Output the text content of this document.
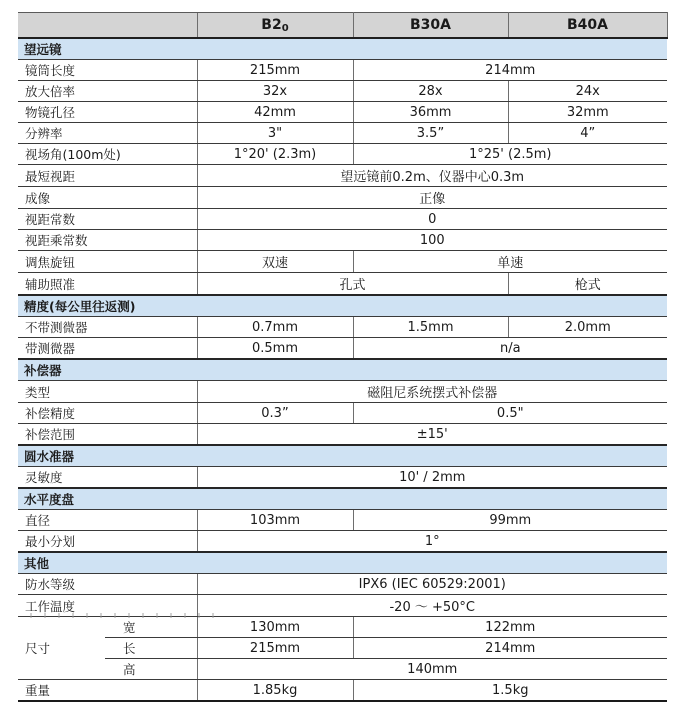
		$B2_0$	B30A	B40A
望远镜				
镜筒长度		215mm	214mm	
放大倍率		32x	28x	24x
物镜孔径		42mm	36mm	32mm
分辨率		3"	3.5”	4”
视场角(100m处)		1°20' (2.3m)	1°25' (2.5m)	
最短视距		望远镜前0.2m、仪器中心0.3m		
成像		正像		
视距常数		0		
视距乘常数		100		
调焦旋钮		双速	单速	
辅助照准		孔式		枪式
精度(每公里往返测)				
不带测微器		0.7mm	1.5mm	2.0mm
带测微器		0.5mm	n/a	
补偿器				
类型		磁阻尼系统摆式补偿器		
补偿精度		0.3”	0.5"	
补偿范围		±15'		
圆水准器				
灵敏度		10' / 2mm		
水平度盘				
直径		103mm	99mm	
最小分划		1°		
其他				
防水等级		IPX6 (IEC 60529:2001)		
工作温度		-20 ～ +50°C		
尺寸	宽	130mm	122mm	
	长	215mm	214mm	
	高	140mm		
重量		1.85kg	1.5kg	
